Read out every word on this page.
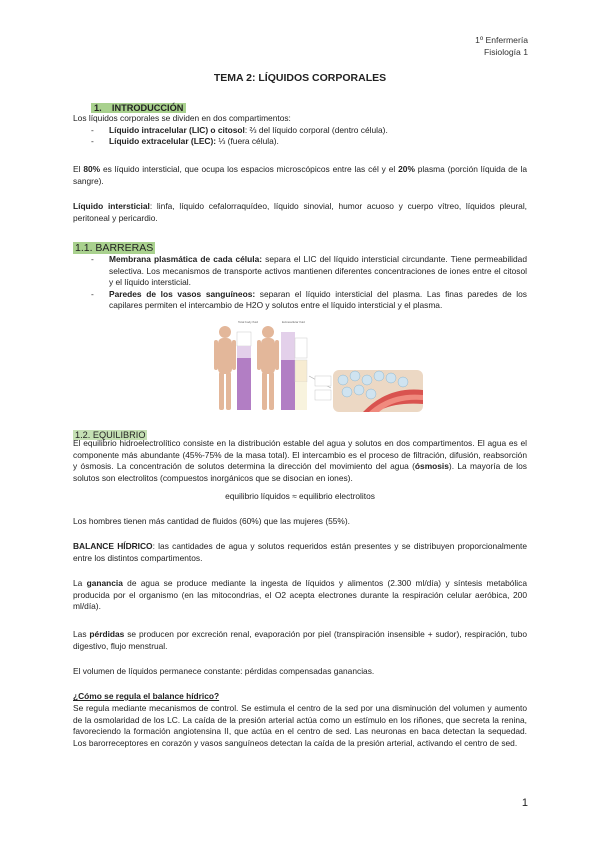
1º Enfermería
Fisiología 1
TEMA 2: LÍQUIDOS CORPORALES
1. INTRODUCCIÓN
Los líquidos corporales se dividen en dos compartimentos:
- Líquido intracelular (LIC) o citosol: ⅔ del líquido corporal (dentro célula).
- Líquido extracelular (LEC): ⅓ (fuera célula).
El 80% es líquido intersticial, que ocupa los espacios microscópicos entre las cél y el 20% plasma (porción líquida de la sangre).
Líquido intersticial: linfa, líquido cefalorraquídeo, líquido sinovial, humor acuoso y cuerpo vítreo, líquidos pleural, peritoneal y pericardio.
1.1. BARRERAS
- Membrana plasmática de cada célula: separa el LIC del líquido intersticial circundante. Tiene permeabilidad selectiva. Los mecanismos de transporte activos mantienen diferentes concentraciones de iones entre el citosol y el líquido intersticial.
- Paredes de los vasos sanguíneos: separan el líquido intersticial del plasma. Las finas paredes de los capilares permiten el intercambio de H2O y solutos entre el líquido intersticial y el plasma.
Total body fluid	Extracellular fluid
1.2. EQUILIBRIO
El equilibrio hidroelectrolítico consiste en la distribución estable del agua y solutos en dos compartimentos. El agua es el componente más abundante (45%-75% de la masa total). El intercambio es el proceso de filtración, difusión, reabsorción y ósmosis. La concentración de solutos determina la dirección del movimiento del agua (ósmosis). La mayoría de los solutos son electrolitos (compuestos inorgánicos que se disocian en iones).
equilibrio líquidos ≈ equilibrio electrolitos
Los hombres tienen más cantidad de fluidos (60%) que las mujeres (55%).
BALANCE HÍDRICO: las cantidades de agua y solutos requeridos están presentes y se distribuyen proporcionalmente entre los distintos compartimentos.
La ganancia de agua se produce mediante la ingesta de líquidos y alimentos (2.300 ml/día) y síntesis metabólica producida por el organismo (en las mitocondrias, el O2 acepta electrones durante la respiración celular aeróbica, 200 ml/día).
Las pérdidas se producen por excreción renal, evaporación por piel (transpiración insensible + sudor), respiración, tubo digestivo, flujo menstrual.
El volumen de líquidos permanece constante: pérdidas compensadas ganancias.
¿Cómo se regula el balance hídrico?
Se regula mediante mecanismos de control. Se estimula el centro de la sed por una disminución del volumen y aumento de la osmolaridad de los LC. La caída de la presión arterial actúa como un estímulo en los riñones, que secreta la renina, favoreciendo la formación angiotensina II, que actúa en el centro de sed. Las neuronas en baca detectan la sequedad. Los barorreceptores en corazón y vasos sanguíneos detectan la caída de la presión arterial, activando el centro de sed.
1
